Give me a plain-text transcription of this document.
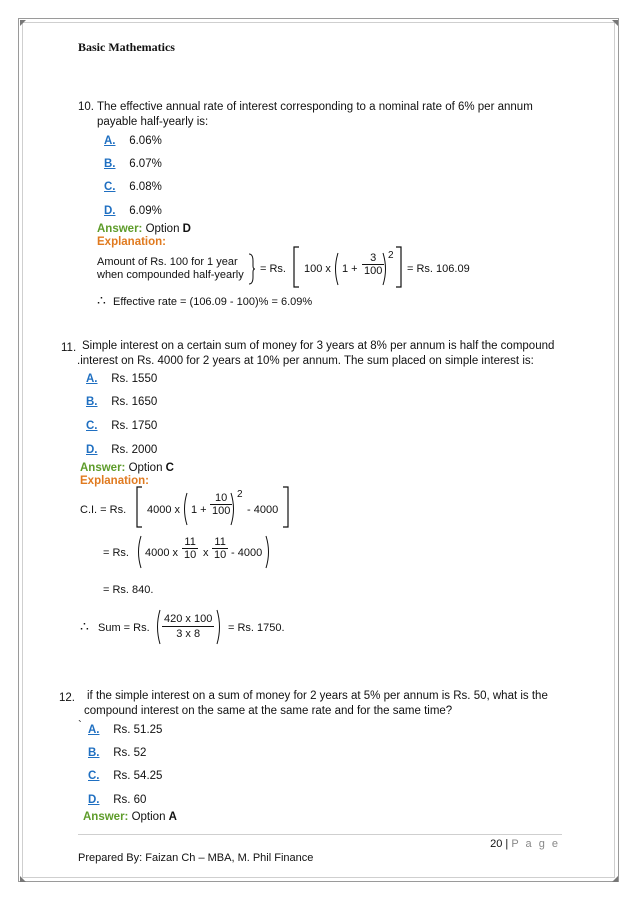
Basic Mathematics
10. The effective annual rate of interest corresponding to a nominal rate of 6% per annum
payable half-yearly is:
A. 6.06%
B. 6.07%
C. 6.08%
D. 6.09%
Answer: Option D
Explanation:
Amount of Rs. 100 for 1 year
when compounded half-yearly = Rs. 100 x $1 + \frac{3}{100} 2$
= Rs. 106.09
∴ Effective rate = (106.09 - 100)% = 6.09%
11. Simple interest on a certain sum of money for 3 years at 8% per annum is half the compound
.interest on Rs. 4000 for 2 years at 10% per annum. The sum placed on simple interest is:
A. Rs. 1550
B. Rs. 1650
C. Rs. 1750
D. Rs. 2000
Answer: Option C
Explanation:
C.I. = Rs. 4000 x $1 + \frac{10}{100} 2$
- 4000
= Rs. 4000 x $\frac{11}{10}$ x $\frac{11}{10} - 4000$
= Rs. 840.
∴ Sum = Rs. $\frac{420 x 100}{3 x 8} = Rs$. 1750.
12. if the simple interest on a sum of money for 2 years at 5% per annum is Rs. 50, what is the
compound interest on the same at the same rate and for the same time?
` A. Rs. 51.25
B. Rs. 52
C. Rs. 54.25
D. Rs. 60
Answer: Option A
20 | P a g e
Prepared By: Faizan Ch – MBA, M. Phil Finance
